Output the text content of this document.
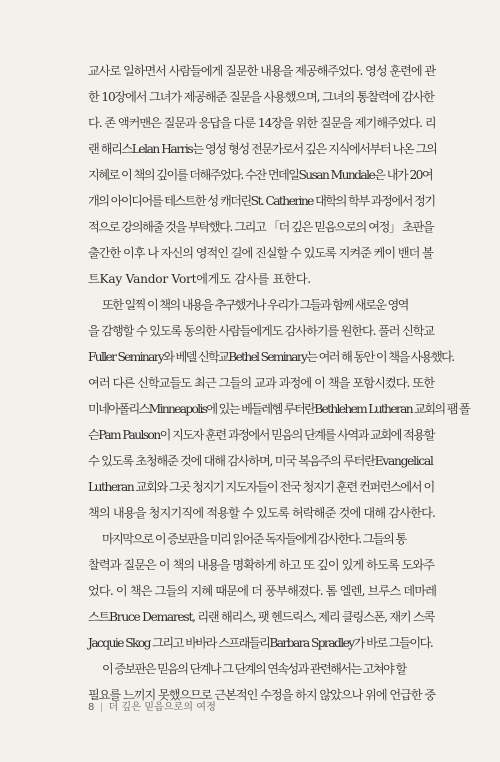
교사로 일하면서 사람들에게 질문한 내용을 제공해주었다. 영성 훈련에 관
한 10장에서 그녀가 제공해준 질문을 사용했으며, 그녀의 통찰력에 감사한
다. 존 액커맨은 질문과 응답을 다룬 14장을 위한 질문을 제기해주었다. 리
랜 해리스Lelan Harris는 영성 형성 전문가로서 깊은 지식에서부터 나온 그의
지혜로 이 책의 깊이를 더해주었다. 수잔 먼데일Susan Mundale은 내가 20여
개의 아이디어를 테스트한 성 캐더린St. Catherine 대학의 학부 과정에서 정기
적으로 강의해줄 것을 부탁했다. 그리고 「더 깊은 믿음으로의 여정」 초판을
출간한 이후 나 자신의 영적인 길에 진실할 수 있도록 지켜준 케이 밴더 볼
트Kay Vandor Vort에게도 감사를 표한다.
또한 일찍 이 책의 내용을 추구했거나 우리가 그들과 함께 새로운 영역
을 감행할 수 있도록 동의한 사람들에게도 감사하기를 원한다. 풀러 신학교
Fuller Seminary와 베델 신학교Bethel Seminary는 여러 해 동안 이 책을 사용했다.
여러 다른 신학교들도 최근 그들의 교과 과정에 이 책을 포함시켰다. 또한
미네아폴리스Minneapolis에 있는 베들레헴 루터란Bethlehem Lutheran 교회의 팸 폴
슨Pam Paulson이 지도자 훈련 과정에서 믿음의 단계를 사역과 교회에 적용할
수 있도록 초청해준 것에 대해 감사하며, 미국 복음주의 루터란Evangelical
Lutheran 교회와 그곳 청지기 지도자들이 전국 청지기 훈련 컨퍼런스에서 이
책의 내용을 청지기직에 적용할 수 있도록 허락해준 것에 대해 감사한다.
마지막으로 이 증보판을 미리 읽어준 독자들에게 감사한다. 그들의 통
찰력과 질문은 이 책의 내용을 명확하게 하고 또 깊이 있게 하도록 도와주
었다. 이 책은 그들의 지혜 때문에 더 풍부해졌다. 톰 엘렌, 브루스 데마레
스트Bruce Demarest, 리랜 해리스, 팻 헨드릭스, 제리 클링스폰, 재키 스콕
Jacquie Skog 그리고 바바라 스프래들리Barbara Spradley가 바로 그들이다.
이 증보판은 믿음의 단계나 그 단계의 연속성과 관련해서는 고쳐야 할
필요를 느끼지 못했으므로 근본적인 수정을 하지 않았으나 위에 언급한 중
8 | 더 깊은 믿음으로의 여정
